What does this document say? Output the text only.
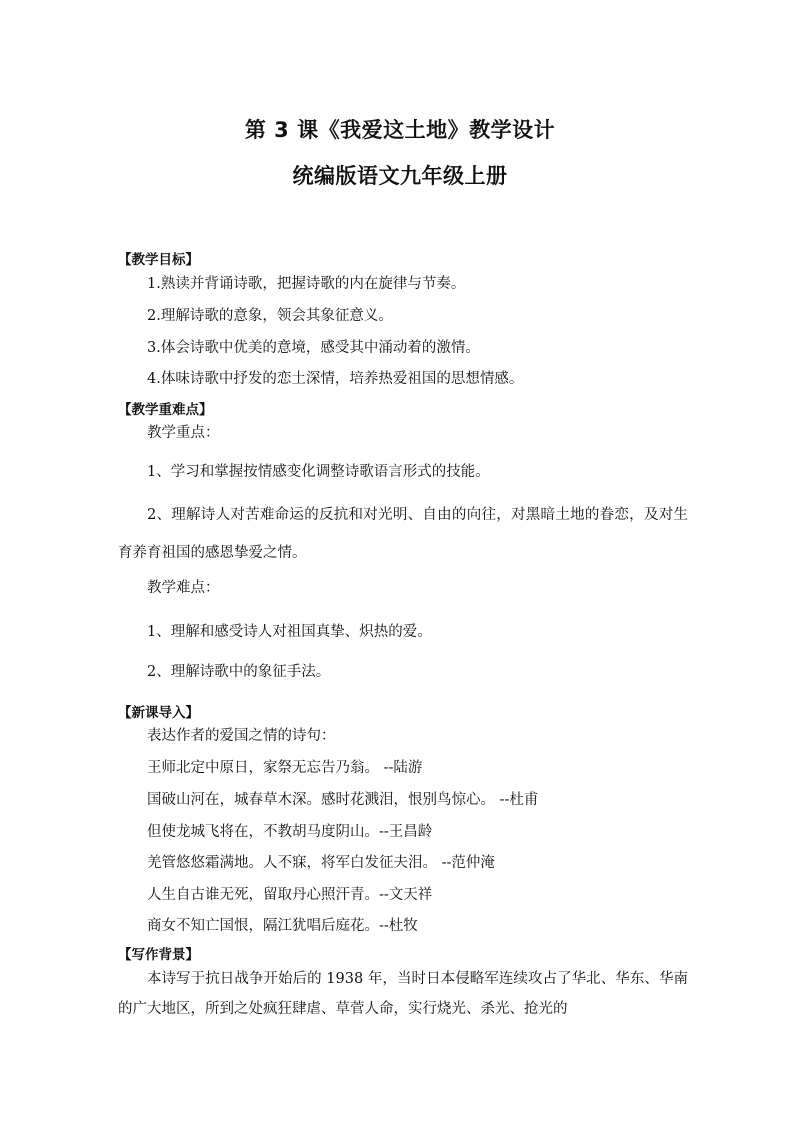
第 3 课《我爱这土地》教学设计
统编版语文九年级上册
【教学目标】
1.熟读并背诵诗歌，把握诗歌的内在旋律与节奏。
2.理解诗歌的意象，领会其象征意义。
3.体会诗歌中优美的意境，感受其中涌动着的激情。
4.体味诗歌中抒发的恋土深情，培养热爱祖国的思想情感。
【教学重难点】
教学重点：
1、学习和掌握按情感变化调整诗歌语言形式的技能。
2、理解诗人对苦难命运的反抗和对光明、自由的向往，对黑暗土地的眷恋，及对生育养育祖国的感恩挚爱之情。
教学难点：
1、理解和感受诗人对祖国真挚、炽热的爱。
2、理解诗歌中的象征手法。
【新课导入】
表达作者的爱国之情的诗句：
王师北定中原日，家祭无忘告乃翁。 --陆游
国破山河在，城春草木深。感时花溅泪，恨别鸟惊心。 --杜甫
但使龙城飞将在，不教胡马度阴山。--王昌龄
羌管悠悠霜满地。人不寐，将军白发征夫泪。 --范仲淹
人生自古谁无死，留取丹心照汗青。--文天祥
商女不知亡国恨，隔江犹唱后庭花。--杜牧
【写作背景】
本诗写于抗日战争开始后的 1938 年，当时日本侵略军连续攻占了华北、华东、华南的广大地区，所到之处疯狂肆虐、草菅人命，实行烧光、杀光、抢光的
